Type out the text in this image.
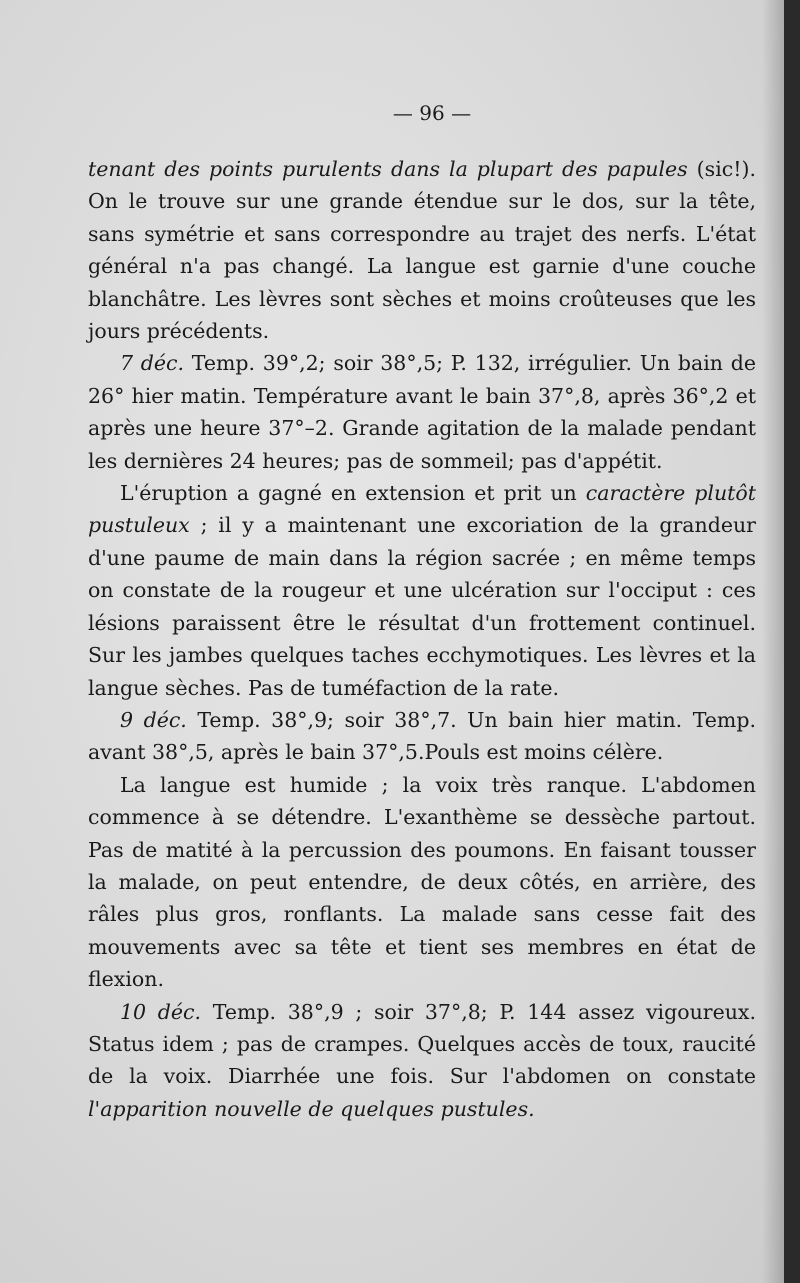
— 96 —

tenant des points purulents dans la plupart des papules (sic!). On le trouve sur une grande étendue sur le dos, sur la tête, sans symétrie et sans correspondre au trajet des nerfs. L'état général n'a pas changé. La langue est garnie d'une couche blanchâtre. Les lèvres sont sèches et moins croûteuses que les jours précédents.

7 déc. Temp. 39°,2; soir 38°,5; P. 132, irrégulier. Un bain de 26° hier matin. Température avant le bain 37°,8, après 36°,2 et après une heure 37°–2. Grande agitation de la malade pendant les dernières 24 heures; pas de sommeil; pas d'appétit.

L'éruption a gagné en extension et prit un caractère plutôt pustuleux ; il y a maintenant une excoriation de la grandeur d'une paume de main dans la région sacrée ; en même temps on constate de la rougeur et une ulcération sur l'occiput : ces lésions paraissent être le résultat d'un frottement continuel. Sur les jambes quelques taches ecchymotiques. Les lèvres et la langue sèches. Pas de tuméfaction de la rate.

9 déc. Temp. 38°,9; soir 38°,7. Un bain hier matin. Temp. avant 38°,5, après le bain 37°,5.Pouls est moins célère.

La langue est humide ; la voix très ranque. L'abdomen commence à se détendre. L'exanthème se dessèche partout. Pas de matité à la percussion des poumons. En faisant tousser la malade, on peut entendre, de deux côtés, en arrière, des râles plus gros, ronflants. La malade sans cesse fait des mouvements avec sa tête et tient ses membres en état de flexion.

10 déc. Temp. 38°,9 ; soir 37°,8; P. 144 assez vigoureux. Status idem ; pas de crampes. Quelques accès de toux, raucité de la voix. Diarrhée une fois. Sur l'abdomen on constate l'apparition nouvelle de quelques pustules.
